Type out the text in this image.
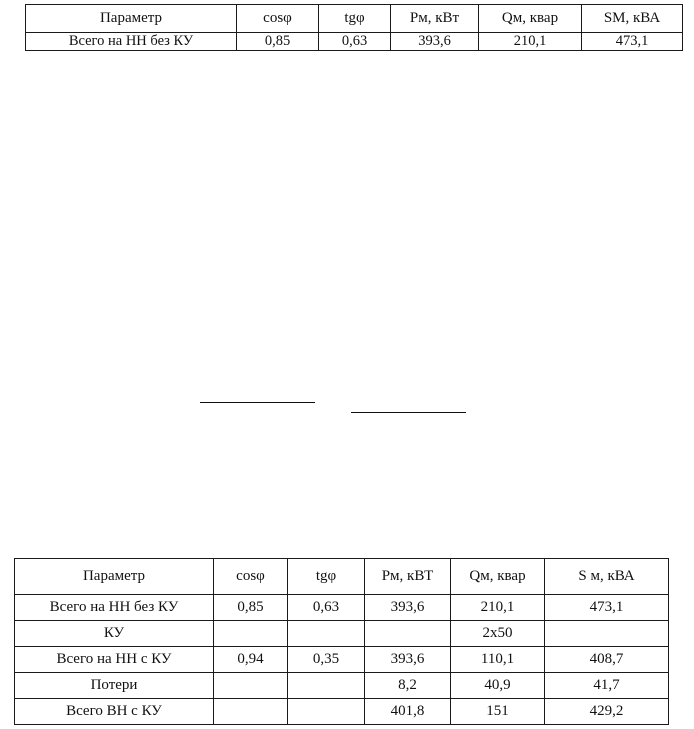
Параметр	cosφ	tgφ	Pм, кВт	Qм, квар	SМ, кВА
Всего на НН без КУ	0,85	0,63	393,6	210,1	473,1
Параметр	cosφ	tgφ	Pм, кВТ	Qм, квар	S м, кВА
Всего на НН без КУ	0,85	0,63	393,6	210,1	473,1
КУ				2х50	
Всего на НН с КУ	0,94	0,35	393,6	110,1	408,7
Потери			8,2	40,9	41,7
Всего ВН с КУ			401,8	151	429,2
